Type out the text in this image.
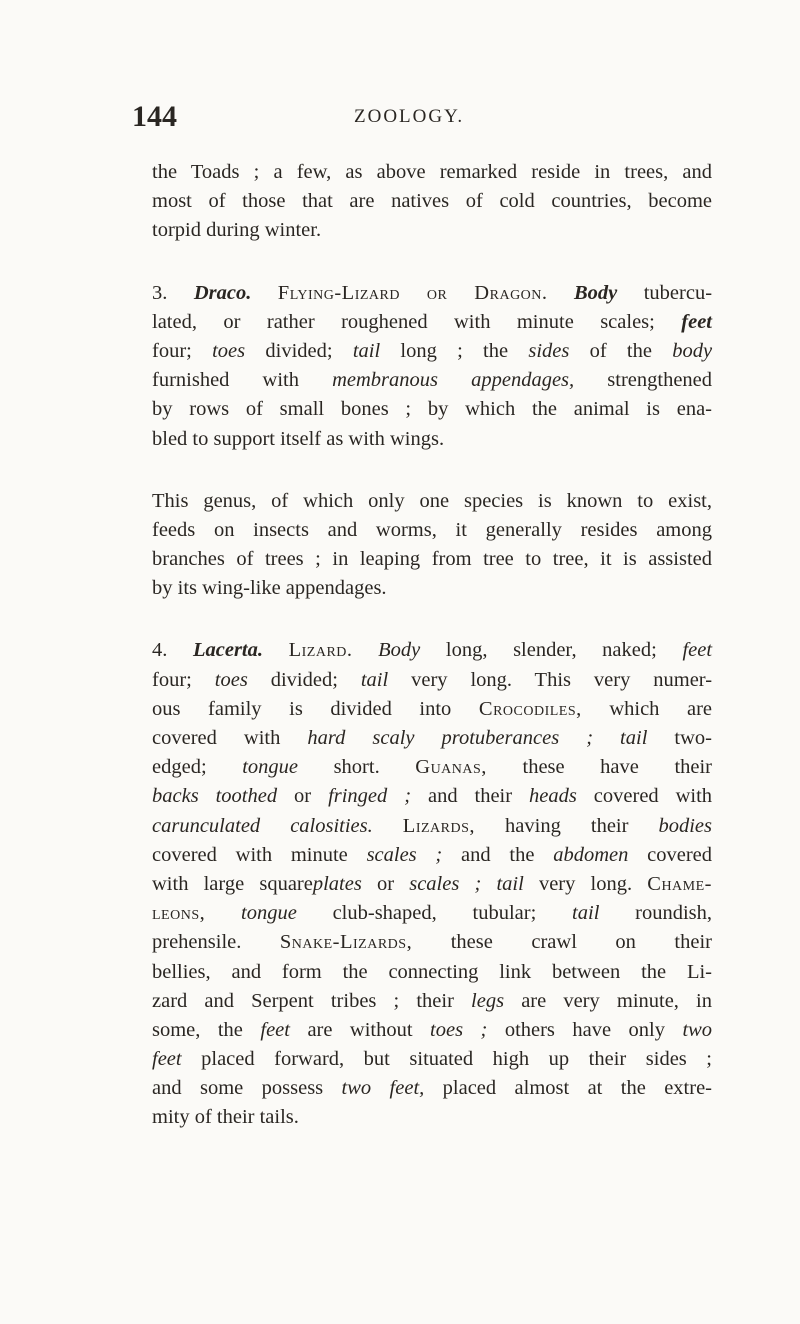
144	ZOOLOGY.
the Toads ; a few, as above remarked reside in trees, and
most of those that are natives of cold countries, become
torpid during winter.
3. Draco. Flying-Lizard or Dragon. Body tubercu-
lated, or rather roughened with minute scales; feet
four; toes divided; tail long ; the sides of the body
furnished with membranous appendages, strengthened
by rows of small bones ; by which the animal is ena-
bled to support itself as with wings.
This genus, of which only one species is known to exist,
feeds on insects and worms, it generally resides among
branches of trees ; in leaping from tree to tree, it is assisted
by its wing-like appendages.
4. Lacerta. Lizard. Body long, slender, naked; feet
four; toes divided; tail very long. This very numer-
ous family is divided into Crocodiles, which are
covered with hard scaly protuberances ; tail two-
edged; tongue short. Guanas, these have their
backs toothed or fringed ; and their heads covered with
carunculated calosities. Lizards, having their bodies
covered with minute scales ; and the abdomen covered
with large squareplates or scales ; tail very long. Chame-
leons, tongue club-shaped, tubular; tail roundish,
prehensile. Snake-Lizards, these crawl on their
bellies, and form the connecting link between the Li-
zard and Serpent tribes ; their legs are very minute, in
some, the feet are without toes ; others have only two
feet placed forward, but situated high up their sides ;
and some possess two feet, placed almost at the extre-
mity of their tails.
